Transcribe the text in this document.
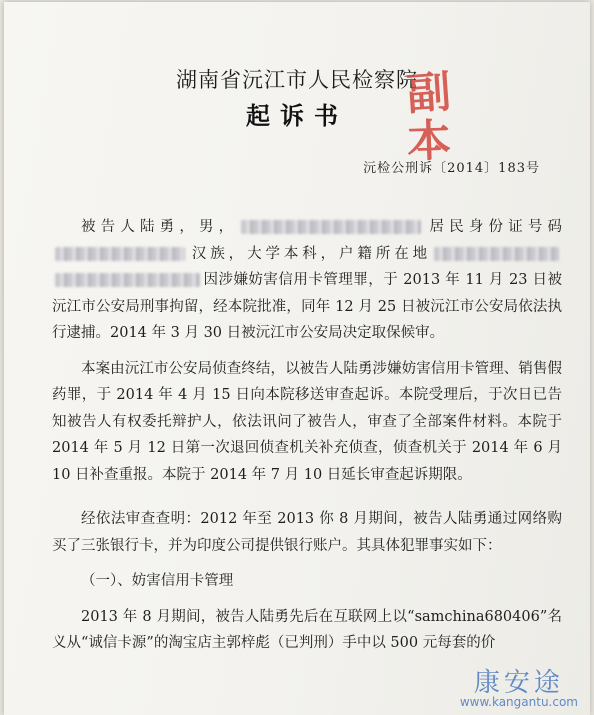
湖南省沅江市人民检察院
起诉书	副
本
沅检公刑诉〔2014〕183号

被告人陆勇，男，	居民身份证号码汉族，大学本科，户籍所在地因涉嫌妨害信用卡管理罪，于 2013 年 11 月 23 日被沅江市公安局刑事拘留，经本院批准，同年 12 月 25 日被沅江市公安局依法执行逮捕。2014 年 3 月 30 日被沅江市公安局决定取保候审。

本案由沅江市公安局侦查终结，以被告人陆勇涉嫌妨害信用卡管理、销售假药罪，于 2014 年 4 月 15 日向本院移送审查起诉。本院受理后，于次日已告知被告人有权委托辩护人，依法讯问了被告人，审查了全部案件材料。本院于 2014 年 5 月 12 日第一次退回侦查机关补充侦查，侦查机关于 2014 年 6 月 10 日补查重报。本院于 2014 年 7 月 10 日延长审查起诉期限。

经依法审查查明：2012 年至 2013 你 8 月期间，被告人陆勇通过网络购买了三张银行卡，并为印度公司提供银行账户。其具体犯罪事实如下：

（一）、妨害信用卡管理

2013 年 8 月期间，被告人陆勇先后在互联网上以“samchina680406”名义从“诚信卡源”的淘宝店主郭梓彪（已判刑）手中以 500 元每套的价

康安途
www.kangantu.com
